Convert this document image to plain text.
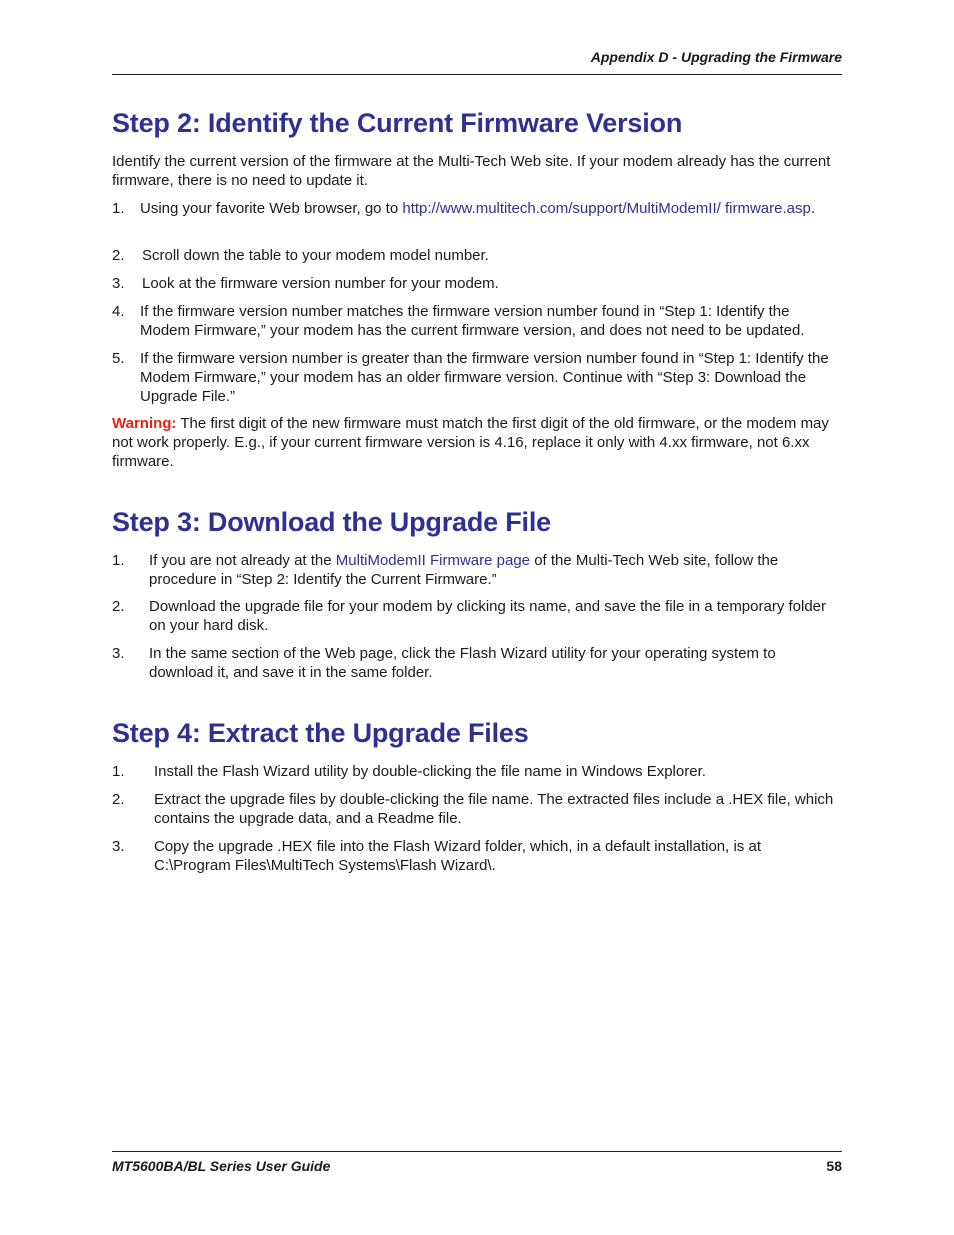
Appendix D - Upgrading the Firmware
Step 2: Identify the Current Firmware Version

Identify the current version of the firmware at the Multi-Tech Web site. If your modem already has the current firmware, there is no need to update it.

1.	Using your favorite Web browser, go to http://www.multitech.com/support/MultiModemII/ firmware.asp.
2.	Scroll down the table to your modem model number.
3.	Look at the firmware version number for your modem.
4.	If the firmware version number matches the firmware version number found in “Step 1: Identify the Modem Firmware,” your modem has the current firmware version, and does not need to be updated.
5.	If the firmware version number is greater than the firmware version number found in “Step 1: Identify the Modem Firmware,” your modem has an older firmware version. Continue with “Step 3: Download the Upgrade File.”

Warning: The first digit of the new firmware must match the first digit of the old firmware, or the modem may not work properly. E.g., if your current firmware version is 4.16, replace it only with 4.xx firmware, not 6.xx firmware.

Step 3: Download the Upgrade File
1.	If you are not already at the MultiModemII Firmware page of the Multi-Tech Web site, follow the procedure in “Step 2: Identify the Current Firmware.”
2.	Download the upgrade file for your modem by clicking its name, and save the file in a temporary folder on your hard disk.
3.	In the same section of the Web page, click the Flash Wizard utility for your operating system to download it, and save it in the same folder.
Step 4: Extract the Upgrade Files
1.	Install the Flash Wizard utility by double-clicking the file name in Windows Explorer.
2.	Extract the upgrade files by double-clicking the file name. The extracted files include a .HEX file, which contains the upgrade data, and a Readme file.
3.	Copy the upgrade .HEX file into the Flash Wizard folder, which, in a default installation, is at C:\Program Files\MultiTech Systems\Flash Wizard\.
MT5600BA/BL Series User Guide	58
